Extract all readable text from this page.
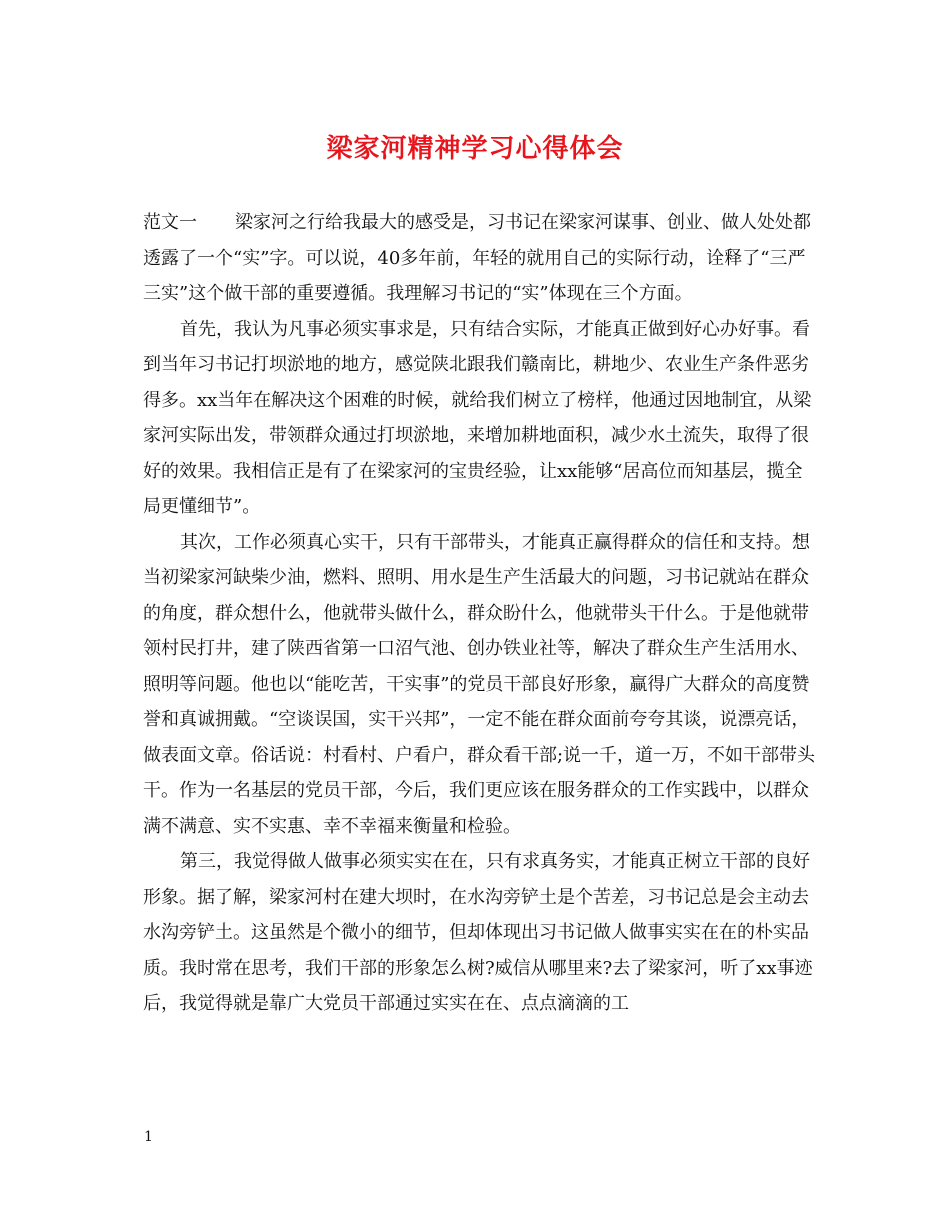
梁家河精神学习心得体会

范文一 梁家河之行给我最大的感受是，习书记在梁家河谋事、创业、做人处处都透露了一个“实”字。可以说，40多年前，年轻的就用自己的实际行动，诠释了“三严三实”这个做干部的重要遵循。我理解习书记的“实”体现在三个方面。

首先，我认为凡事必须实事求是，只有结合实际，才能真正做到好心办好事。看到当年习书记打坝淤地的地方，感觉陕北跟我们赣南比，耕地少、农业生产条件恶劣得多。xx当年在解决这个困难的时候，就给我们树立了榜样，他通过因地制宜，从梁家河实际出发，带领群众通过打坝淤地，来增加耕地面积，减少水土流失，取得了很好的效果。我相信正是有了在梁家河的宝贵经验，让xx能够“居高位而知基层，揽全局更懂细节”。

其次，工作必须真心实干，只有干部带头，才能真正赢得群众的信任和支持。想当初梁家河缺柴少油，燃料、照明、用水是生产生活最大的问题，习书记就站在群众的角度，群众想什么，他就带头做什么，群众盼什么，他就带头干什么。于是他就带领村民打井，建了陕西省第一口沼气池、创办铁业社等，解决了群众生产生活用水、照明等问题。他也以“能吃苦，干实事”的党员干部良好形象，赢得广大群众的高度赞誉和真诚拥戴。“空谈误国，实干兴邦”，一定不能在群众面前夸夸其谈，说漂亮话，做表面文章。俗话说：村看村、户看户，群众看干部;说一千，道一万，不如干部带头干。作为一名基层的党员干部，今后，我们更应该在服务群众的工作实践中，以群众满不满意、实不实惠、幸不幸福来衡量和检验。

第三，我觉得做人做事必须实实在在，只有求真务实，才能真正树立干部的良好形象。据了解，梁家河村在建大坝时，在水沟旁铲土是个苦差，习书记总是会主动去水沟旁铲土。这虽然是个微小的细节，但却体现出习书记做人做事实实在在的朴实品质。我时常在思考，我们干部的形象怎么树?威信从哪里来?去了梁家河，听了xx事迹后，我觉得就是靠广大党员干部通过实实在在、点点滴滴的工

1
